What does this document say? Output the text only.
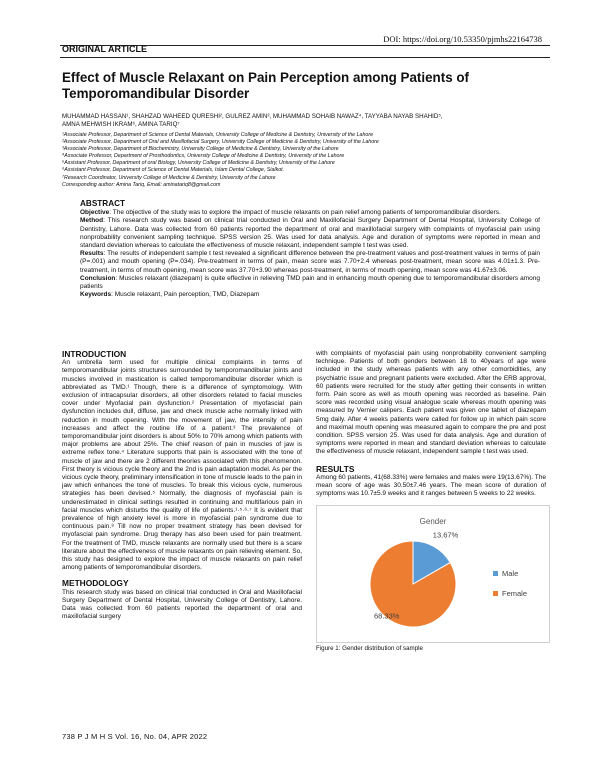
DOI: https://doi.org/10.53350/pjmhs22164738
ORIGINAL ARTICLE
Effect of Muscle Relaxant on Pain Perception among Patients of Temporomandibular Disorder
MUHAMMAD HASSAN¹, SHAHZAD WAHEED QURESHI², GULREZ AMIN³, MUHAMMAD SOHAIB NAWAZ⁴, TAYYABA NAYAB SHAHID⁵,
AMNA MEHWISH IKRAM⁶, AMINA TARIQ⁷
¹Associate Professor, Department of Science of Dental Materials, University College of Medicine & Dentistry, University of the Lahore
²Associate Professor, Department of Oral and Maxillofacial Surgery, University College of Medicine & Dentistry, University of the Lahore
³Associate Professor, Department of Biochemistry, University College of Medicine & Dentistry, University of the Lahore
⁴Associate Professor, Department of Prosthodontics, University College of Medicine & Dentistry, University of the Lahore
⁵Assistant Professor, Department of oral Biology, University College of Medicine & Dentistry, University of the Lahore
⁶Assistant Professor, Department of Science of Dental Materials, Islam Dental College, Sialkot.
⁷Research Coordinator, University College of Medicine & Dentistry, University of the Lahore
Corresponding author: Amina Tariq, Email: aminatariq8@gmail.com
ABSTRACT

Objective: The objective of the study was to explore the impact of muscle relaxants on pain relief among patients of temporomandibular disorders.

Method: This research study was based on clinical trial conducted in Oral and Maxillofacial Surgery Department of Dental Hospital, University College of Dentistry, Lahore. Data was collected from 60 patients reported the department of oral and maxillofacial surgery with complaints of myofascial pain using nonprobability convenient sampling technique. SPSS version 25. Was used for data analysis. Age and duration of symptoms were reported in mean and standard deviation whereas to calculate the effectiveness of muscle relaxant, independent sample t test was used.

Results: The results of independent sample t test revealed a significant difference between the pre-treatment values and post-treatment values in terms of pain (P=.001) and mouth opening (P=.034). Pre-treatment in terms of pain, mean score was 7.70+2.4 whereas post-treatment, mean score was 4.01±1.3. Pre-treatment, in terms of mouth opening, mean score was 37.70+3.90 whereas post-treatment, in terms of mouth opening, mean score was 41.67±3.06.

Conclusion: Muscles relaxant (diazepam) is quite effective in relieving TMD pain and in enhancing mouth opening due to temporomandibular disorders among patients

Keywords: Muscle relaxant, Pain perception, TMD, Diazepam

INTRODUCTION

An umbrella term used for multiple clinical complaints in terms of temporomandibular joints structures surrounded by temporomandibular joints and muscles involved in mastication is called temporomandibular disorder which is abbreviated as TMD.¹ Though, there is a difference of symptomology. With exclusion of intracapsular disorders, all other disorders related to facial muscles cover under Myofacial pain dysfunction.² Presentation of myofascial pain dysfunction includes dull, diffuse, jaw and check muscle ache normally linked with reduction in mouth opening. With the movement of jaw, the intensity of pain increases and affect the routine life of a patient.³ The prevalence of temporomandibular joint disorders is about 50% to 70% among which patients with major problems are about 25%. The chief reason of pain in muscles of jaw is extreme reflex tone.⁴ Literature supports that pain is associated with the tone of muscle of jaw and there are 2 different theories associated with this phenomenon. First theory is vicious cycle theory and the 2nd is pain adaptation model. As per the vicious cycle theory, preliminary intensification in tone of muscle leads to the pain in jaw which enhances the tone of muscles. To break this vicious cycle, numerous strategies has been devised.⁵ Normally, the diagnosis of myofascial pain is underestimated in clinical settings resulted in continuing and multifarious pain in facial muscles which disturbs the quality of life of patients.¹·⁵·⁶·⁷ It is evident that prevalence of high anxiety level is more in myofascial pain syndrome due to continuous pain.⁸ Till now no proper treatment strategy has been devised for myofascial pain syndrome. Drug therapy has also been used for pain treatment. For the treatment of TMD, muscle relaxants are normally used but there is a scare literature about the effectiveness of muscle relaxants on pain relieving element. So, this study has designed to explore the impact of muscle relaxants on pain relief among patients of temporomandibular disorders.

METHODOLOGY

This research study was based on clinical trial conducted in Oral and Maxillofacial Surgery Department of Dental Hospital, University College of Dentistry, Lahore. Data was collected from 60 patients reported the department of oral and maxillofacial surgery

with complaints of myofascial pain using nonprobability convenient sampling technique. Patients of both genders between 18 to 40years of age were included in the study whereas patients with any other comorbidities, any psychiatric issue and pregnant patients were excluded. After the ERB approval, 60 patients were recruited for the study after getting their consents in written form. Pain score as well as mouth opening was recorded as baseline. Pain score was recorded using visual analogue scale whereas mouth opening was measured by Vernier calipers. Each patient was given one tablet of diazepam 5mg daily. After 4 weeks patients were called for follow up in which pain score and maximal mouth opening was measured again to compare the pre and post condition. SPSS version 25. Was used for data analysis. Age and duration of symptoms were reported in mean and standard deviation whereas to calculate the effectiveness of muscle relaxant, independent sample t test was used.

RESULTS

Among 60 patients, 41(68.33%) were females and males were 19(13.67%). The mean score of age was 30.50±7.46 years. The mean score of duration of symptoms was 10.7±5.9 weeks and it ranges between 5 weeks to 22 weeks.

Gender
13.67%
68.33%
Male
Female
Figure 1: Gender distribution of sample
738 P J M H S Vol. 16, No. 04, APR 2022
